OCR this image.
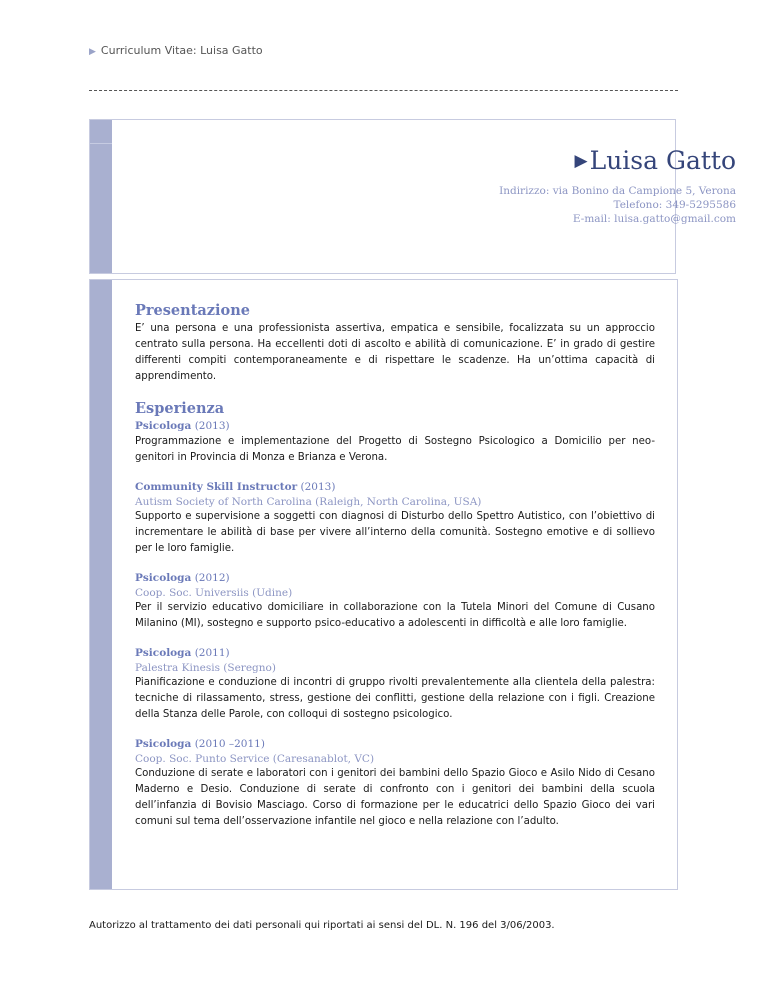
▶ Curriculum Vitae: Luisa Gatto
▶Luisa Gatto
Indirizzo: via Bonino da Campione 5, Verona
Telefono: 349-5295586
E-mail: luisa.gatto@gmail.com
Presentazione

E’ una persona e una professionista assertiva, empatica e sensibile, focalizzata su un approccio centrato sulla persona. Ha eccellenti doti di ascolto e abilità di comunicazione. E’ in grado di gestire differenti compiti contemporaneamente e di rispettare le scadenze. Ha un’ottima capacità di apprendimento.

Esperienza
Psicologa (2013)

Programmazione e implementazione del Progetto di Sostegno Psicologico a Domicilio per neo-genitori in Provincia di Monza e Brianza e Verona.

Community Skill Instructor (2013)
Autism Society of North Carolina (Raleigh, North Carolina, USA)

Supporto e supervisione a soggetti con diagnosi di Disturbo dello Spettro Autistico, con l’obiettivo di incrementare le abilità di base per vivere all’interno della comunità. Sostegno emotive e di sollievo per le loro famiglie.

Psicologa (2012)
Coop. Soc. Universiis (Udine)

Per il servizio educativo domiciliare in collaborazione con la Tutela Minori del Comune di Cusano Milanino (MI), sostegno e supporto psico-educativo a adolescenti in difficoltà e alle loro famiglie.

Psicologa (2011)
Palestra Kinesis (Seregno)

Pianificazione e conduzione di incontri di gruppo rivolti prevalentemente alla clientela della palestra: tecniche di rilassamento, stress, gestione dei conflitti, gestione della relazione con i figli. Creazione della Stanza delle Parole, con colloqui di sostegno psicologico.

Psicologa (2010 –2011)
Coop. Soc. Punto Service (Caresanablot, VC)

Conduzione di serate e laboratori con i genitori dei bambini dello Spazio Gioco e Asilo Nido di Cesano Maderno e Desio. Conduzione di serate di confronto con i genitori dei bambini della scuola dell’infanzia di Bovisio Masciago. Corso di formazione per le educatrici dello Spazio Gioco dei vari comuni sul tema dell’osservazione infantile nel gioco e nella relazione con l’adulto.

Autorizzo al trattamento dei dati personali qui riportati ai sensi del DL. N. 196 del 3/06/2003.
